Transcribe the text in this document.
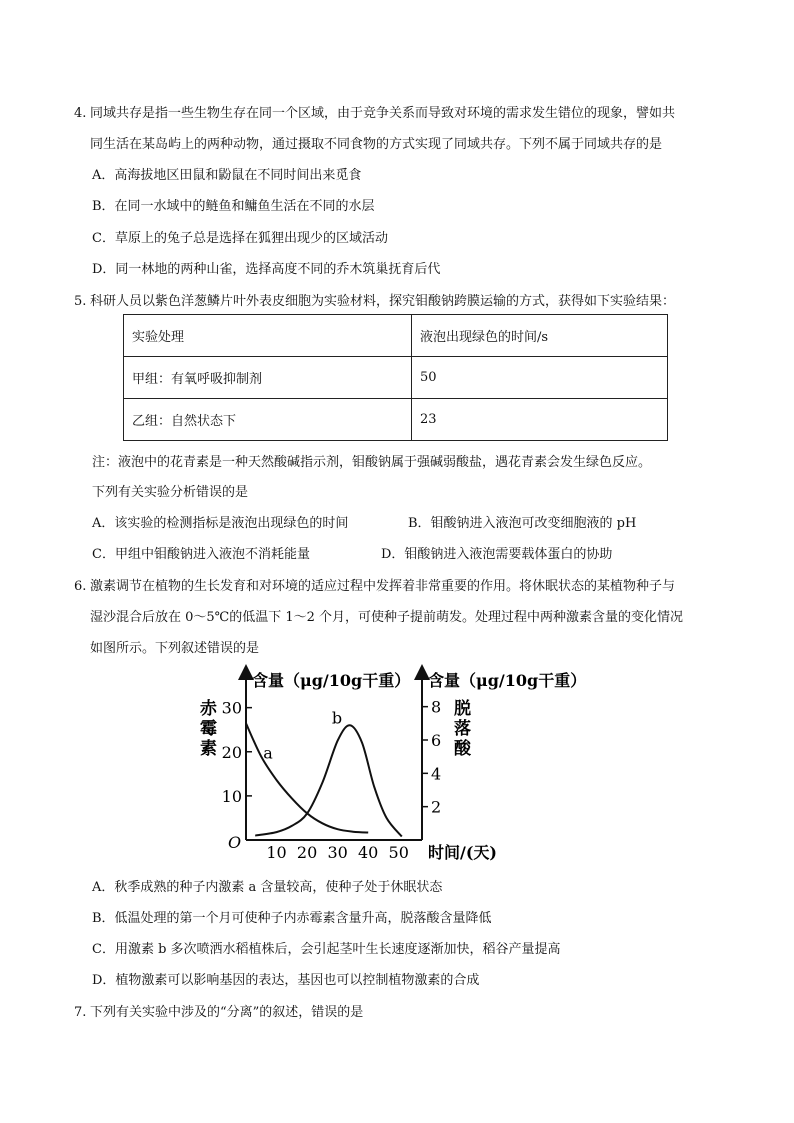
4. 同域共存是指一些生物生存在同一个区域，由于竞争关系而导致对环境的需求发生错位的现象，譬如共
同生活在某岛屿上的两种动物，通过摄取不同食物的方式实现了同域共存。下列不属于同域共存的是
A．高海拔地区田鼠和鼢鼠在不同时间出来觅食
B．在同一水域中的鲢鱼和鳙鱼生活在不同的水层
C．草原上的兔子总是选择在狐狸出现少的区域活动
D．同一林地的两种山雀，选择高度不同的乔木筑巢抚育后代
5. 科研人员以紫色洋葱鳞片叶外表皮细胞为实验材料，探究钼酸钠跨膜运输的方式，获得如下实验结果：
实验处理	液泡出现绿色的时间/s
甲组：有氧呼吸抑制剂	50
乙组：自然状态下	23
注：液泡中的花青素是一种天然酸碱指示剂，钼酸钠属于强碱弱酸盐，遇花青素会发生绿色反应。
下列有关实验分析错误的是
A．该实验的检测指标是液泡出现绿色的时间	B．钼酸钠进入液泡可改变细胞液的 pH
C．甲组中钼酸钠进入液泡不消耗能量	D．钼酸钠进入液泡需要载体蛋白的协助
6. 激素调节在植物的生长发育和对环境的适应过程中发挥着非常重要的作用。将休眠状态的某植物种子与
湿沙混合后放在 0～5℃的低温下 1～2 个月，可使种子提前萌发。处理过程中两种激素含量的变化情况
如图所示。下列叙述错误的是
含量（μg/10g干重） 含量（μg/10g干重）
赤
霉
素
脱
落
酸
O
时间/(天)
10 20 30 40 50
10
20
30
2
4
6
8
a
b
A．秋季成熟的种子内激素 a 含量较高，使种子处于休眠状态
B．低温处理的第一个月可使种子内赤霉素含量升高，脱落酸含量降低
C．用激素 b 多次喷洒水稻植株后，会引起茎叶生长速度逐渐加快，稻谷产量提高
D．植物激素可以影响基因的表达，基因也可以控制植物激素的合成
7. 下列有关实验中涉及的“分离”的叙述，错误的是
